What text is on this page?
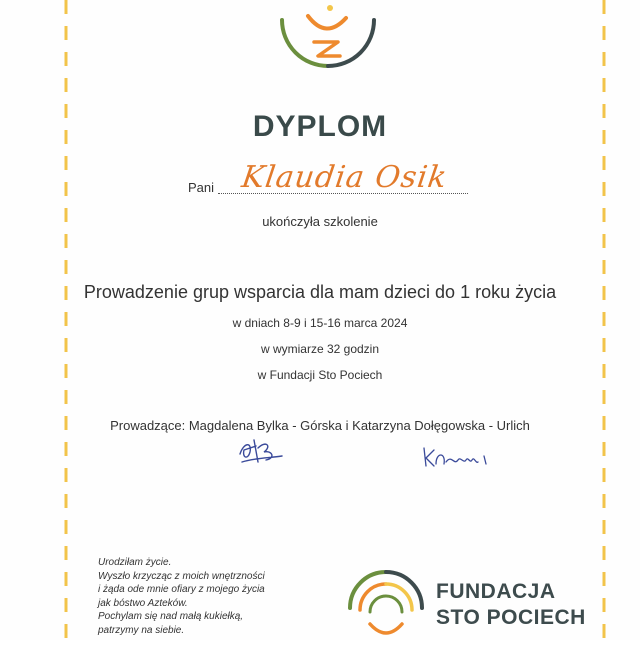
DYPLOM
Pani Klaudia Osik
ukończyła szkolenie
Prowadzenie grup wsparcia dla mam dzieci do 1 roku życia
w dniach 8-9 i 15-16 marca 2024
w wymiarze 32 godzin
w Fundacji Sto Pociech
Prowadzące: Magdalena Bylka - Górska i Katarzyna Dołęgowska - Urlich
Urodziłam życie.
Wyszło krzycząc z moich wnętrzności
i żąda ode mnie ofiary z mojego życia
jak bóstwo Azteków.
Pochylam się nad małą kukiełką,
patrzymy na siebie.
FUNDACJA
STO POCIECH
